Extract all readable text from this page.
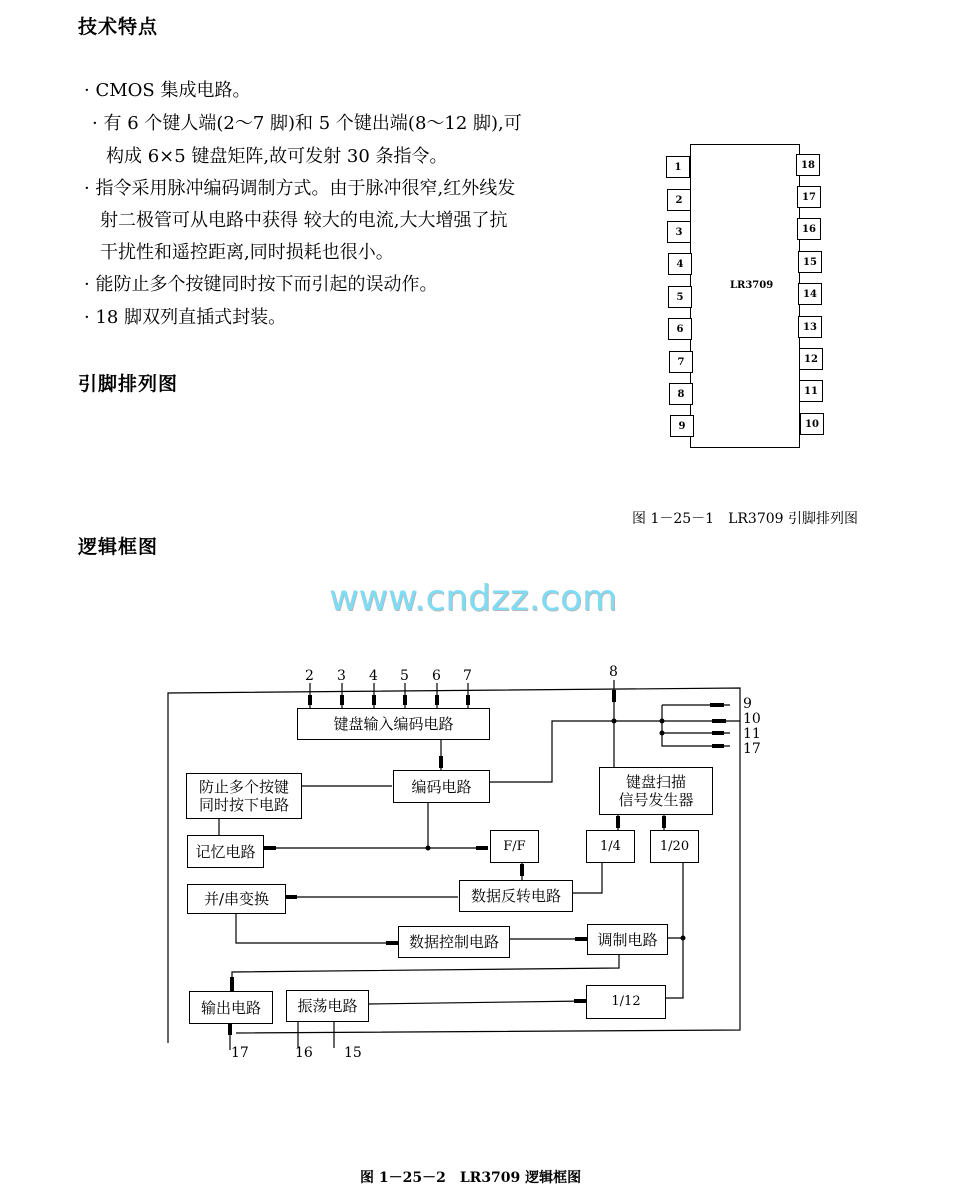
技术特点
· CMOS 集成电路。
· 有 6 个键人端(2～7 脚)和 5 个键出端(8～12 脚),可
构成 6×5 键盘矩阵,故可发射 30 条指令。
· 指令采用脉冲编码调制方式。由于脉冲很窄,红外线发
射二极管可从电路中获得 较大的电流,大大增强了抗
干扰性和遥控距离,同时损耗也很小。
· 能防止多个按键同时按下而引起的误动作。
· 18 脚双列直插式封装。
引脚排列图
LR3709
1
2
3
4
5
6
7
8
9
18
17
16
15
14
13
12
11
10
图 1－25－1　LR3709 引脚排列图
逻辑框图
www.cndzz.com
2 3 4 5 6 7	8
9
10
11
17
17	16 15
键盘输入编码电路
编码电路
防止多个按键
同时按下电路
记忆电路	F/F	1/4	1/20
键盘扫描
信号发生器
并/串变换	数据反转电路
数据控制电路	调制电路
输出电路	振荡电路	1/12
图 1－25－2　LR3709 逻辑框图
